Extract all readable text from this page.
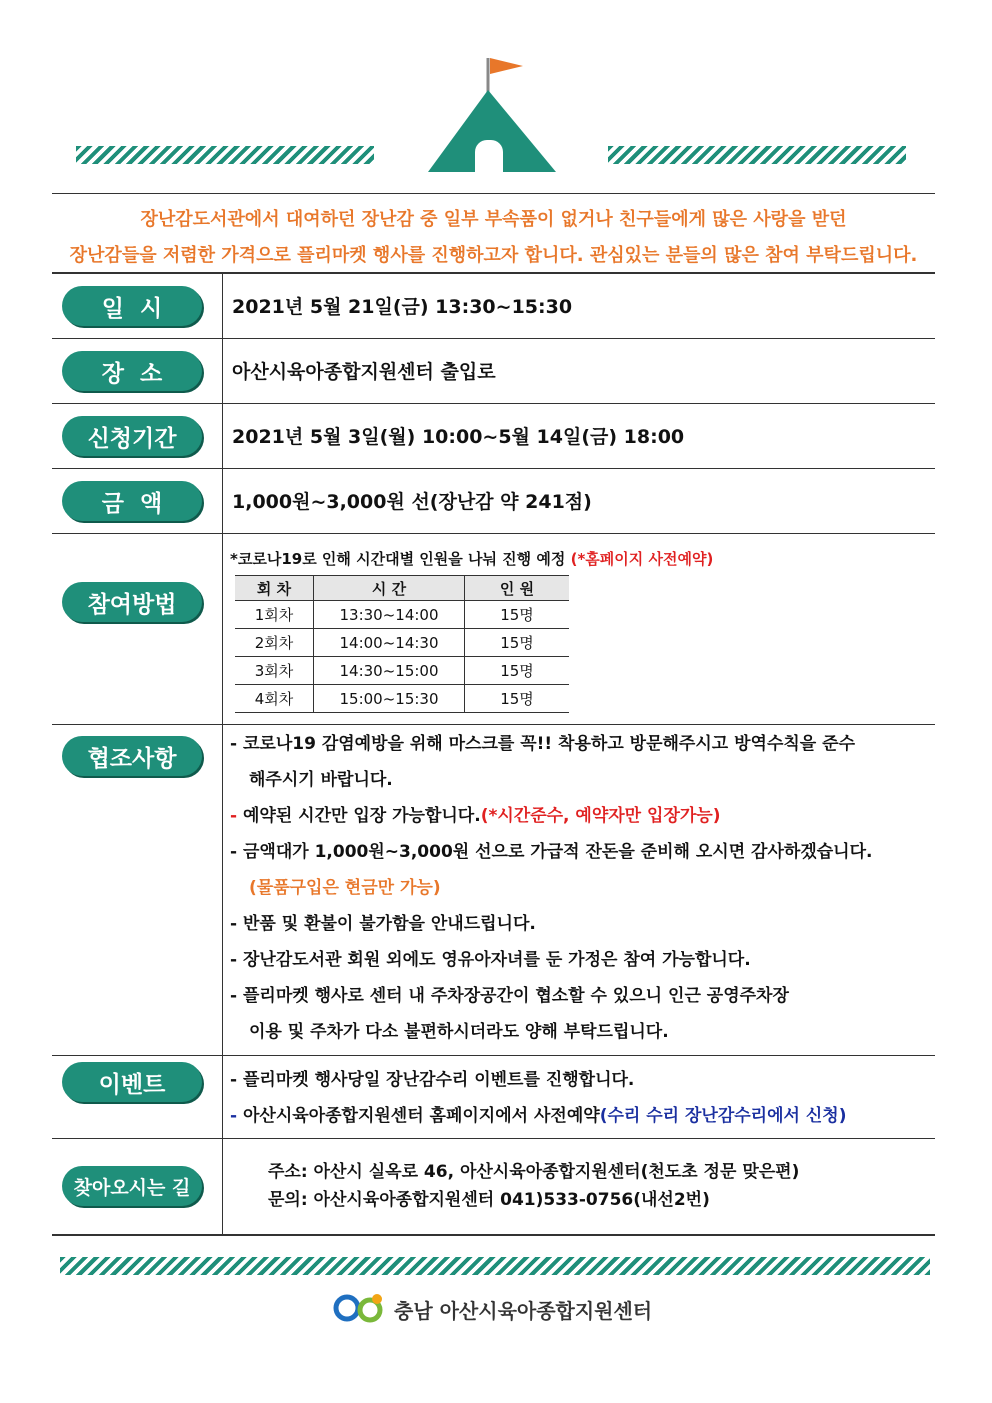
장난감도서관에서 대여하던 장난감 중 일부 부속품이 없거나 친구들에게 많은 사랑을 받던
장난감들을 저렴한 가격으로 플리마켓 행사를 진행하고자 합니다. 관심있는 분들의 많은 참여 부탁드립니다.
일  시	2021년 5월 21일(금) 13:30~15:30
장  소	아산시육아종합지원센터 출입로
신청기간	2021년 5월 3일(월) 10:00~5월 14일(금) 18:00
금  액	1,000원~3,000원 선(장난감 약 241점)
참여방법
*코로나19로 인해 시간대별 인원을 나눠 진행 예정 (*홈페이지 사전예약)
회 차	시 간	인 원
1회차	13:30~14:00	15명
2회차	14:00~14:30	15명
3회차	14:30~15:00	15명
4회차	15:00~15:30	15명
협조사항
- 코로나19 감염예방을 위해 마스크를 꼭!! 착용하고 방문해주시고 방역수칙을 준수
해주시기 바랍니다.
- 예약된 시간만 입장 가능합니다.(*시간준수, 예약자만 입장가능)
- 금액대가 1,000원~3,000원 선으로 가급적 잔돈을 준비해 오시면 감사하겠습니다.
(물품구입은 현금만 가능)
- 반품 및 환불이 불가함을 안내드립니다.
- 장난감도서관 회원 외에도 영유아자녀를 둔 가정은 참여 가능합니다.
- 플리마켓 행사로 센터 내 주차장공간이 협소할 수 있으니 인근 공영주차장
이용 및 주차가 다소 불편하시더라도 양해 부탁드립니다.
이벤트	- 플리마켓 행사당일 장난감수리 이벤트를 진행합니다.
- 아산시육아종합지원센터 홈페이지에서 사전예약(수리 수리 장난감수리에서 신청)
찾아오시는 길
주소: 아산시 실옥로 46, 아산시육아종합지원센터(천도초 정문 맞은편)
문의: 아산시육아종합지원센터 041)533-0756(내선2번)
충남 아산시육아종합지원센터
